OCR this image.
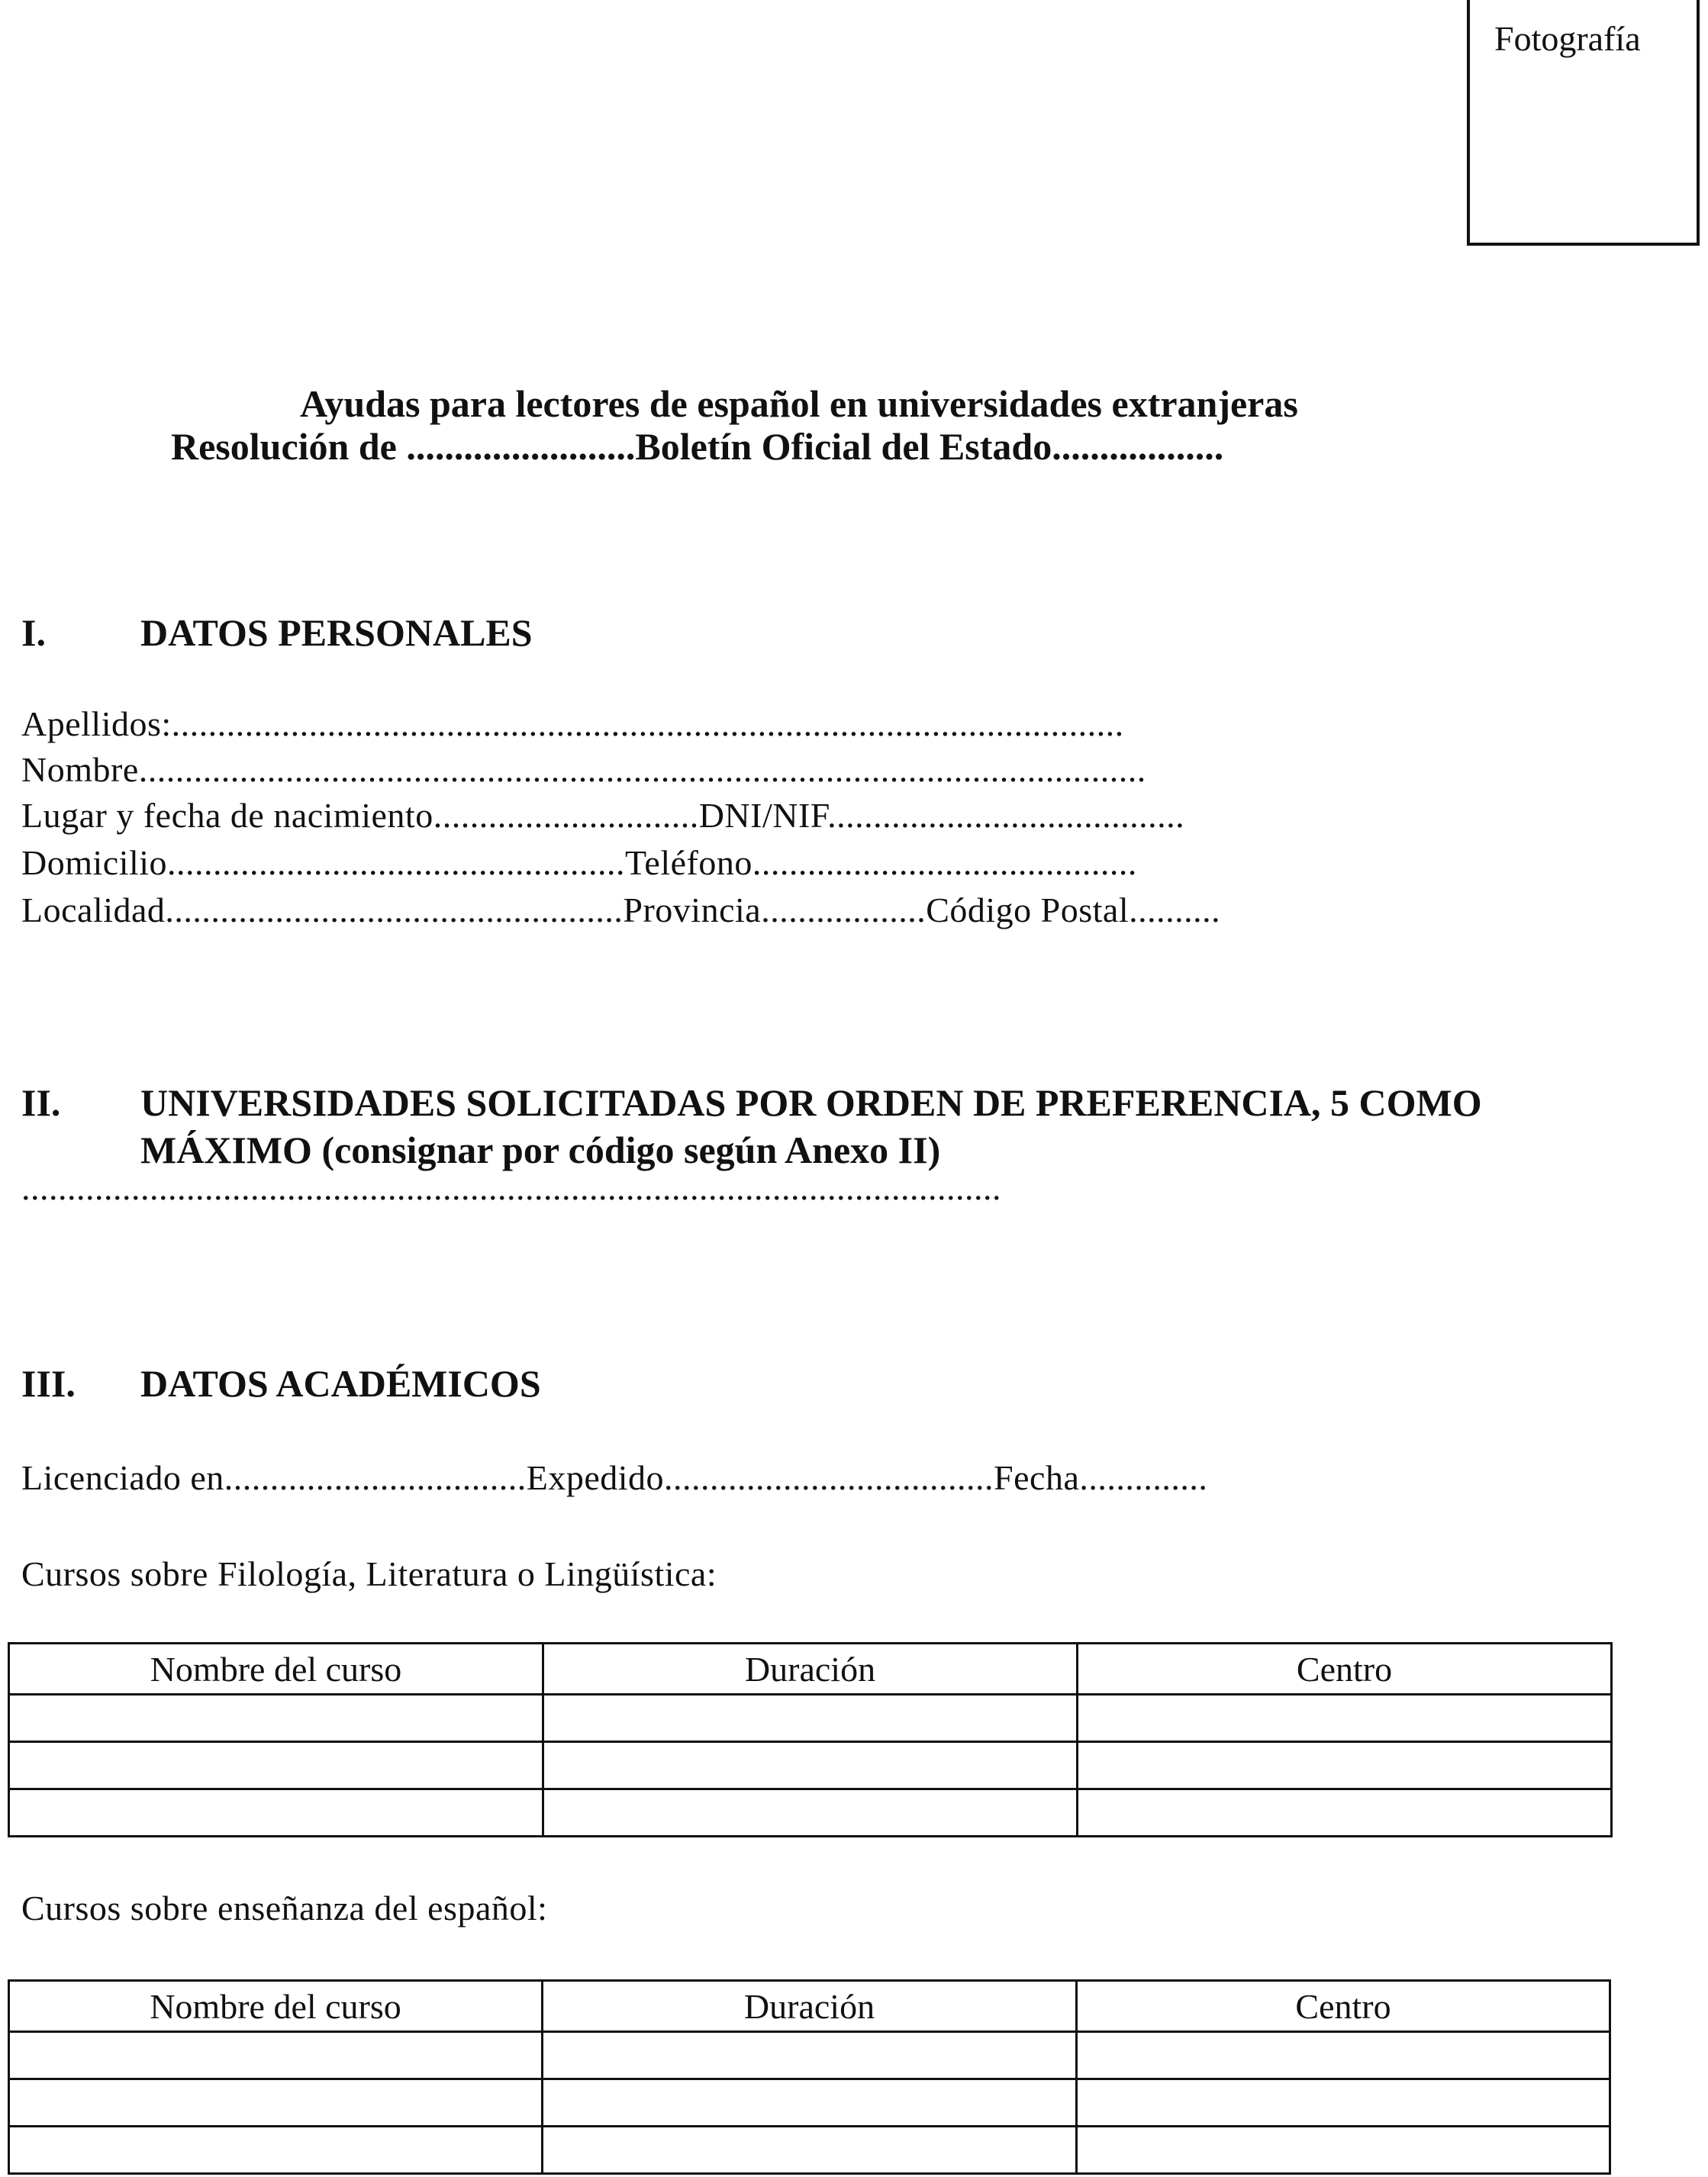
Fotografía
Ayudas para lectores de español en universidades extranjeras
Resolución de ........................Boletín Oficial del Estado..................
I. DATOS PERSONALES
Apellidos:........................................................................................................
Nombre..............................................................................................................
Lugar y fecha de nacimiento.............................DNI/NIF.......................................
Domicilio..................................................Teléfono..........................................
Localidad..................................................Provincia..................Código Postal..........
II. UNIVERSIDADES SOLICITADAS POR ORDEN DE PREFERENCIA, 5 COMO
MÁXIMO (consignar por código según Anexo II)
...........................................................................................................
III. DATOS ACADÉMICOS
Licenciado en.................................Expedido....................................Fecha..............
Cursos sobre Filología, Literatura o Lingüística:
Nombre del curso	Duración	Centro

Cursos sobre enseñanza del español:
Nombre del curso	Duración	Centro
